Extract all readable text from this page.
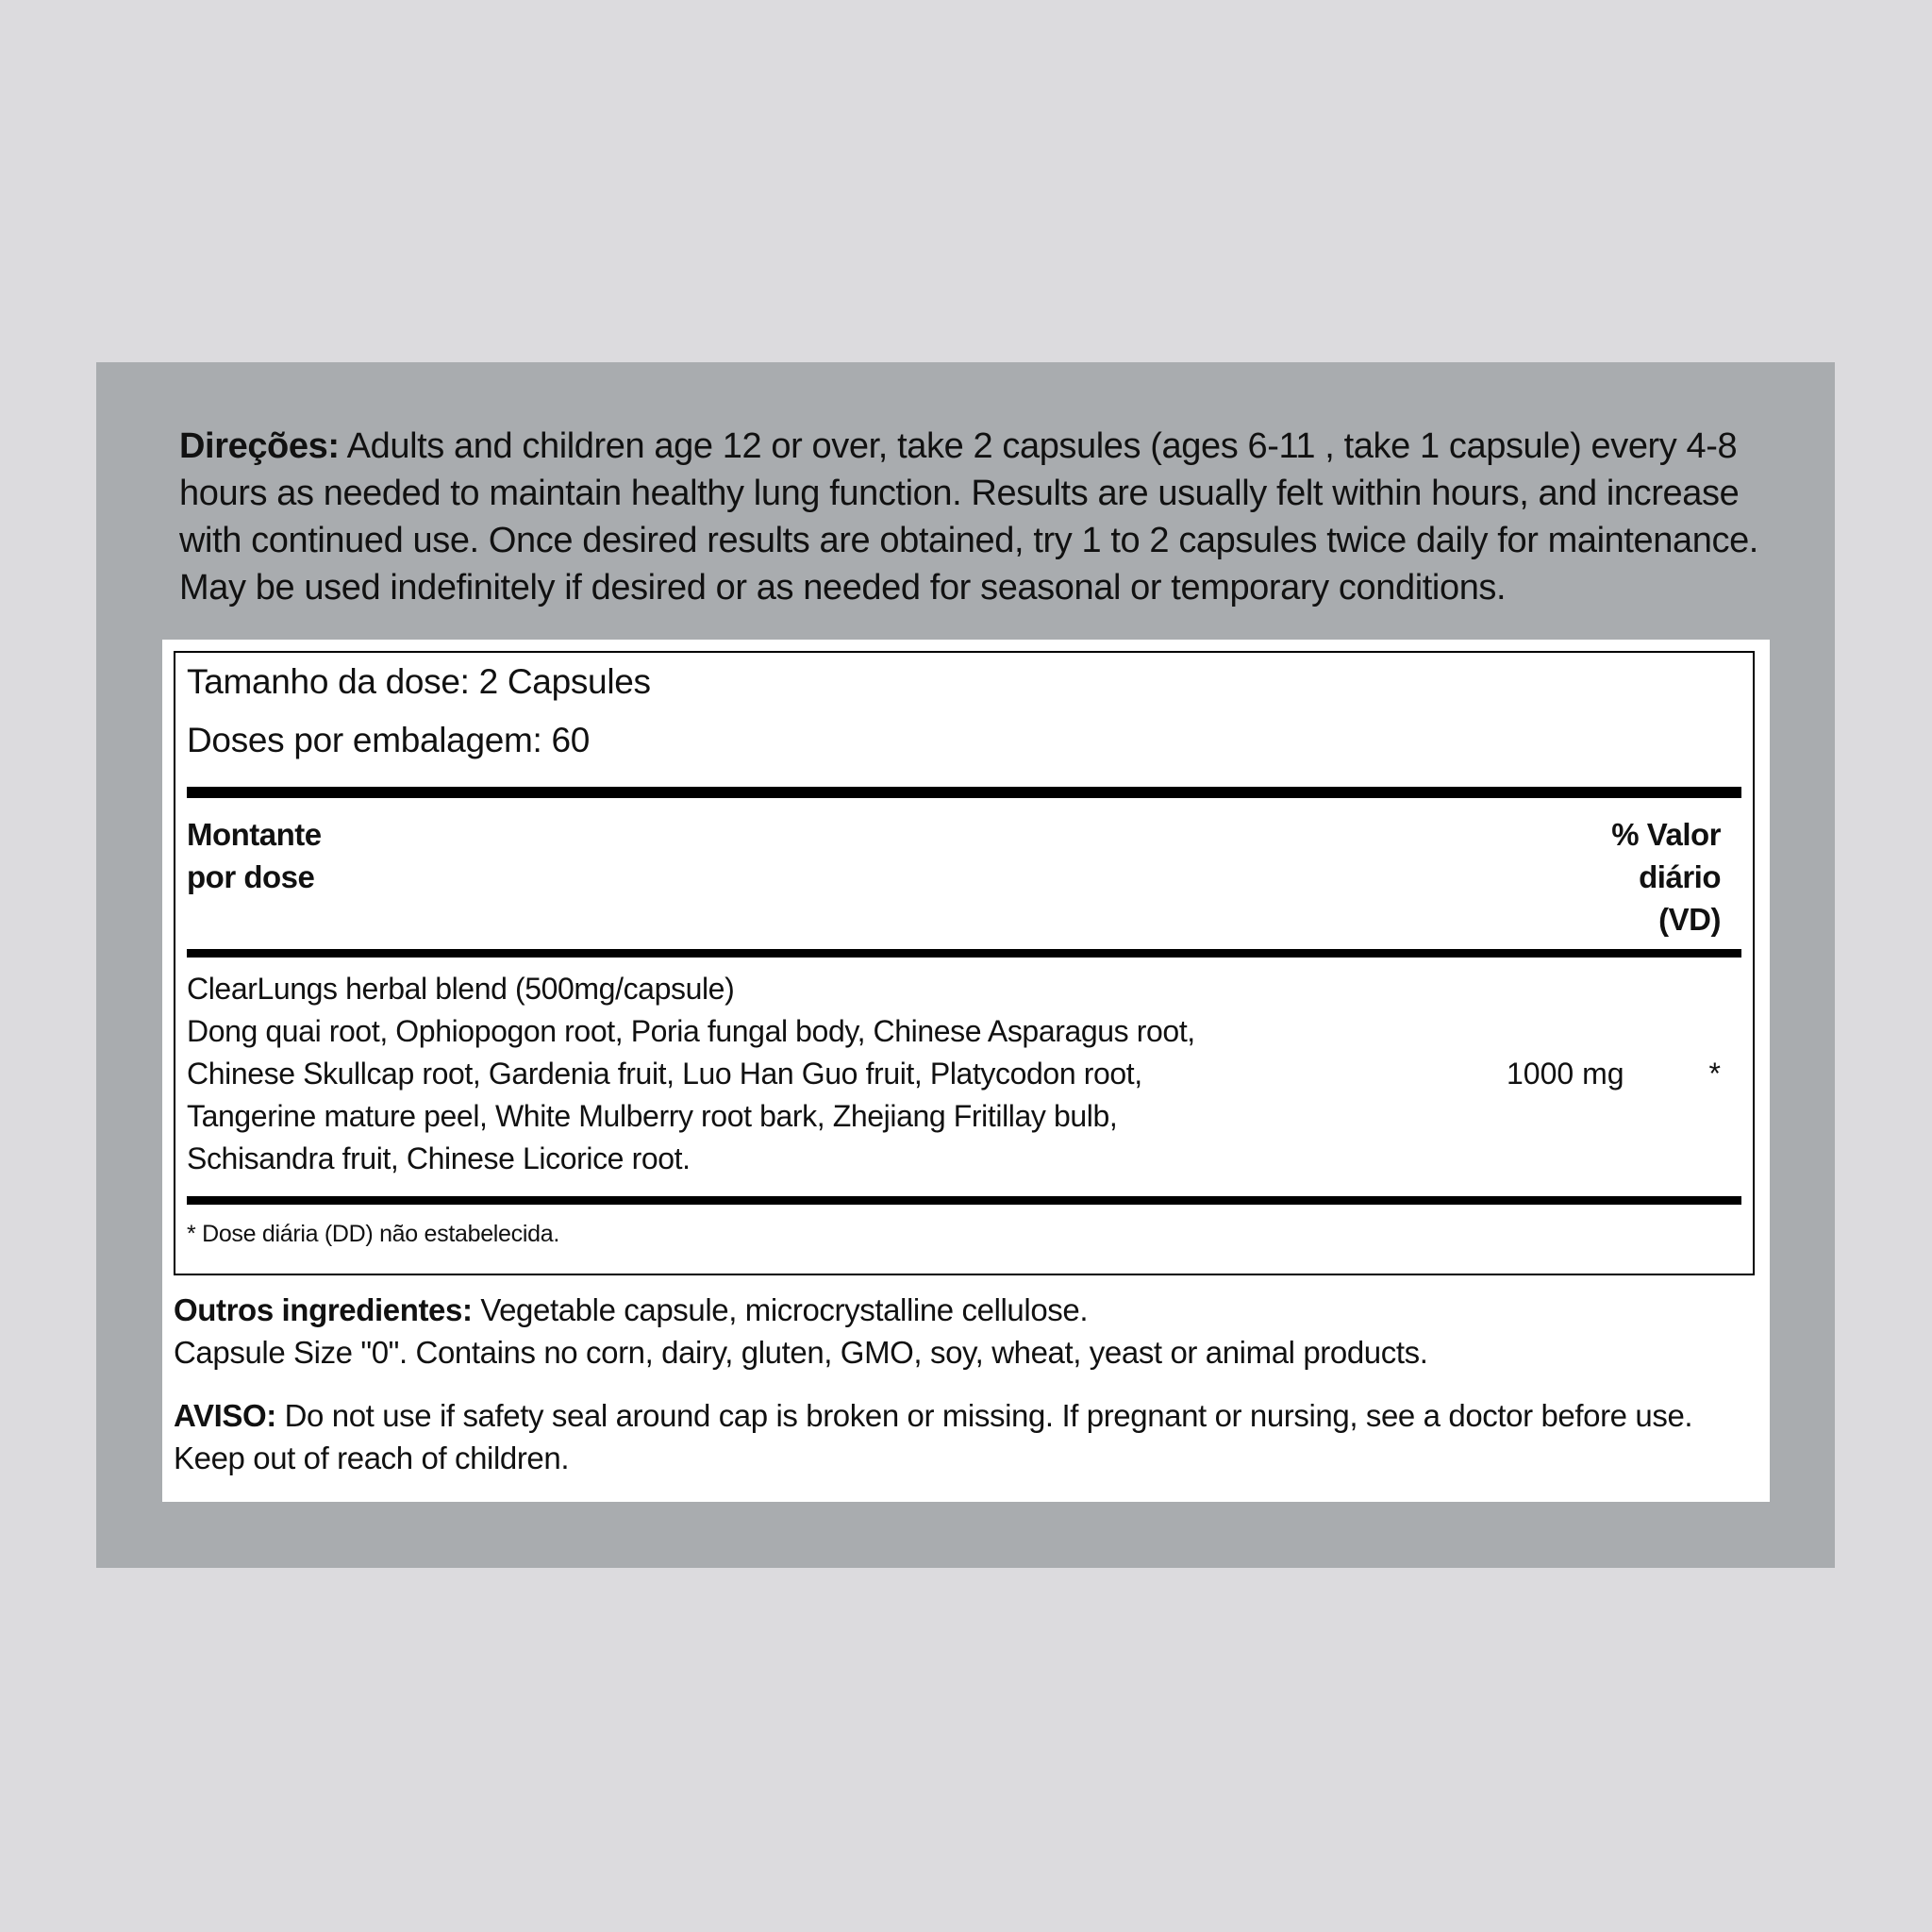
Direções: Adults and children age 12 or over, take 2 capsules (ages 6-11 , take 1 capsule) every 4-8 hours as needed to maintain healthy lung function. Results are usually felt within hours, and increase with continued use. Once desired results are obtained, try 1 to 2 capsules twice daily for maintenance. May be used indefinitely if desired or as needed for seasonal or temporary conditions.
Tamanho da dose: 2 Capsules
Doses por embalagem: 60
Montante
por dose
% Valor
diário
(VD)
ClearLungs herbal blend (500mg/capsule)
Dong quai root, Ophiopogon root, Poria fungal body, Chinese Asparagus root,
Chinese Skullcap root, Gardenia fruit, Luo Han Guo fruit, Platycodon root,
Tangerine mature peel, White Mulberry root bark, Zhejiang Fritillay bulb,
Schisandra fruit, Chinese Licorice root.
1000 mg	*
* Dose diária (DD) não estabelecida.
Outros ingredientes: Vegetable capsule, microcrystalline cellulose.
Capsule Size "0". Contains no corn, dairy, gluten, GMO, soy, wheat, yeast or animal products.
AVISO: Do not use if safety seal around cap is broken or missing. If pregnant or nursing, see a doctor before use. Keep out of reach of children.
